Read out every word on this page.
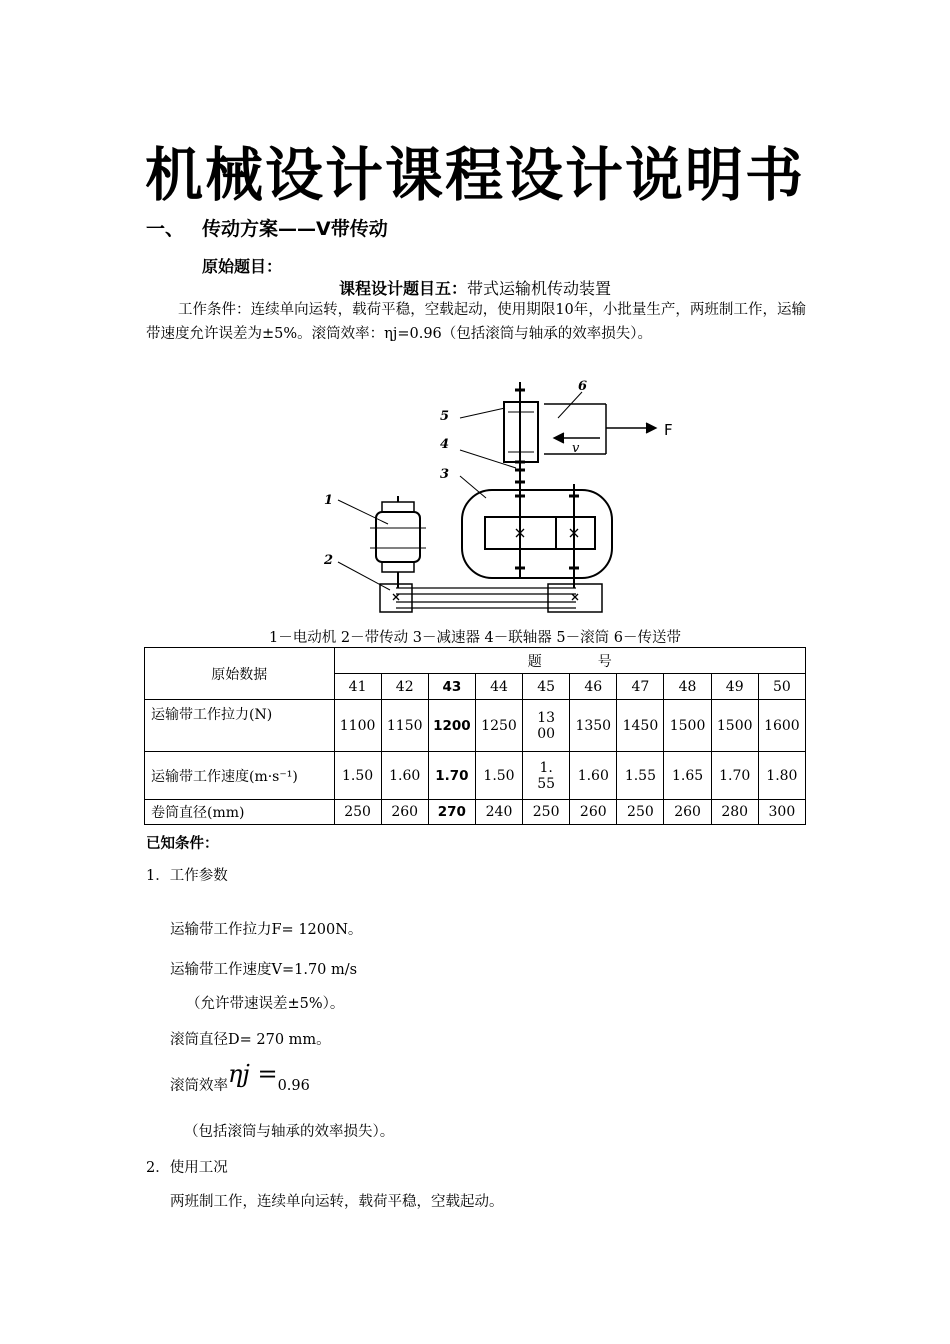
机械设计课程设计说明书
一、 传动方案——V带传动
原始题目：
课程设计题目五：带式运输机传动装置
工作条件：连续单向运转，载荷平稳，空载起动，使用期限10年，小批量生产，两班制工作，运输带速度允许误差为±5%。滚筒效率：ηj=0.96（包括滚筒与轴承的效率损失）。
1
2
3
4
5
6
F
v
1－电动机 2－带传动 3－减速器 4－联轴器 5－滚筒 6－传送带
原始数据	题　　　　号									
	41	42	43	44	45	46	47	48	49	50
运输带工作拉力(N)	1100	1150	1200	1250	1300	1350	1450	1500	1500	1600
运输带工作速度(m·s⁻¹)	1.50	1.60	1.70	1.50	1.55	1.60	1.55	1.65	1.70	1.80
卷筒直径(mm)	250	260	270	240	250	260	250	260	280	300
已知条件：
1．工作参数
运输带工作拉力F= 1200N。
运输带工作速度V=1.70 m/s
（允许带速误差±5%）。
滚筒直径D= 270 mm。
滚筒效率ηj =0.96
（包括滚筒与轴承的效率损失）。
2．使用工况
两班制工作，连续单向运转，载荷平稳，空载起动。
